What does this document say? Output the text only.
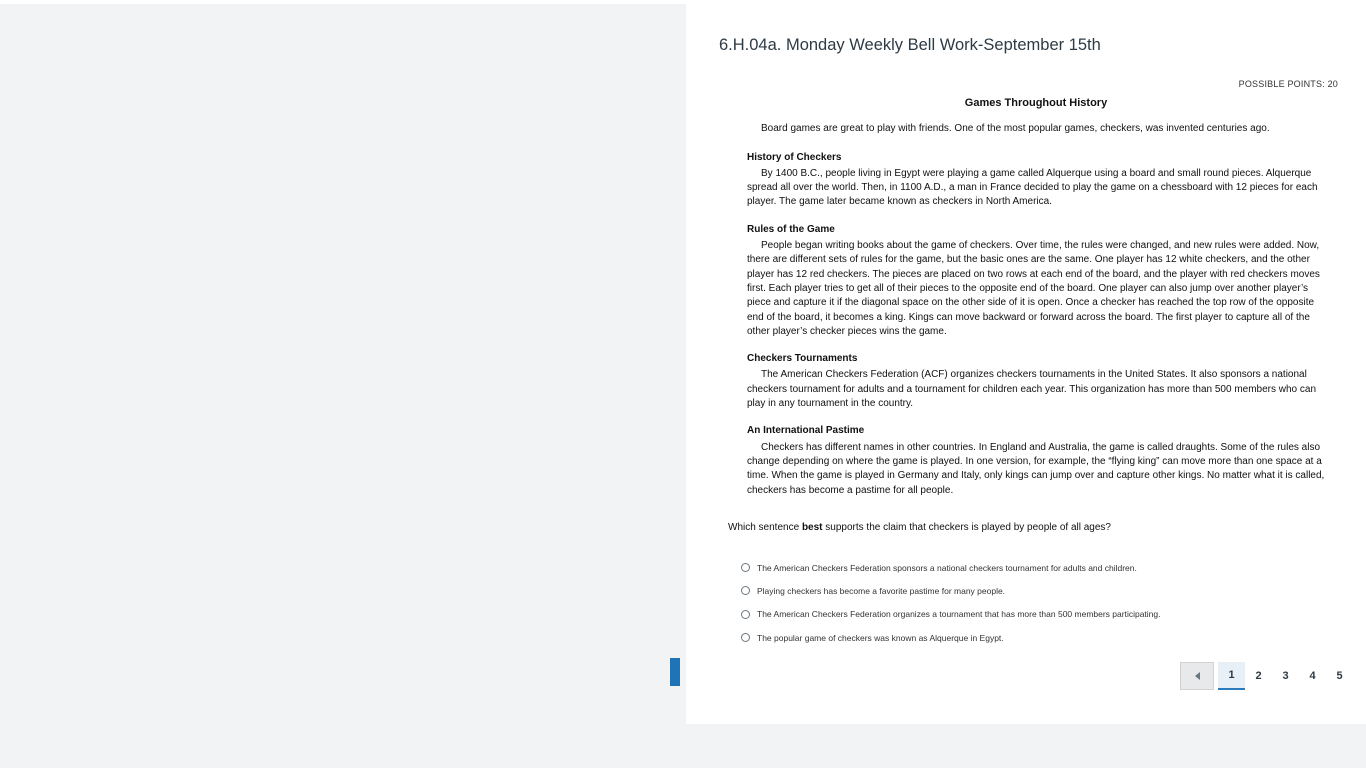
6.H.04a. Monday Weekly Bell Work-September 15th
POSSIBLE POINTS: 20
Games Throughout History

Board games are great to play with friends. One of the most popular games, checkers, was invented centuries ago.

History of Checkers

By 1400 B.C., people living in Egypt were playing a game called Alquerque using a board and small round pieces. Alquerque spread all over the world. Then, in 1100 A.D., a man in France decided to play the game on a chessboard with 12 pieces for each player. The game later became known as checkers in North America.

Rules of the Game

People began writing books about the game of checkers. Over time, the rules were changed, and new rules were added. Now, there are different sets of rules for the game, but the basic ones are the same. One player has 12 white checkers, and the other player has 12 red checkers. The pieces are placed on two rows at each end of the board, and the player with red checkers moves first. Each player tries to get all of their pieces to the opposite end of the board. One player can also jump over another player’s piece and capture it if the diagonal space on the other side of it is open. Once a checker has reached the top row of the opposite end of the board, it becomes a king. Kings can move backward or forward across the board. The first player to capture all of the other player’s checker pieces wins the game.

Checkers Tournaments

The American Checkers Federation (ACF) organizes checkers tournaments in the United States. It also sponsors a national checkers tournament for adults and a tournament for children each year. This organization has more than 500 members who can play in any tournament in the country.

An International Pastime

Checkers has different names in other countries. In England and Australia, the game is called draughts. Some of the rules also change depending on where the game is played. In one version, for example, the “flying king” can move more than one space at a time. When the game is played in Germany and Italy, only kings can jump over and capture other kings. No matter what it is called, checkers has become a pastime for all people.

Which sentence best supports the claim that checkers is played by people of all ages?
The American Checkers Federation sponsors a national checkers tournament for adults and children.
Playing checkers has become a favorite pastime for many people.
The American Checkers Federation organizes a tournament that has more than 500 members participating.
The popular game of checkers was known as Alquerque in Egypt.
1	2	3	4	5
